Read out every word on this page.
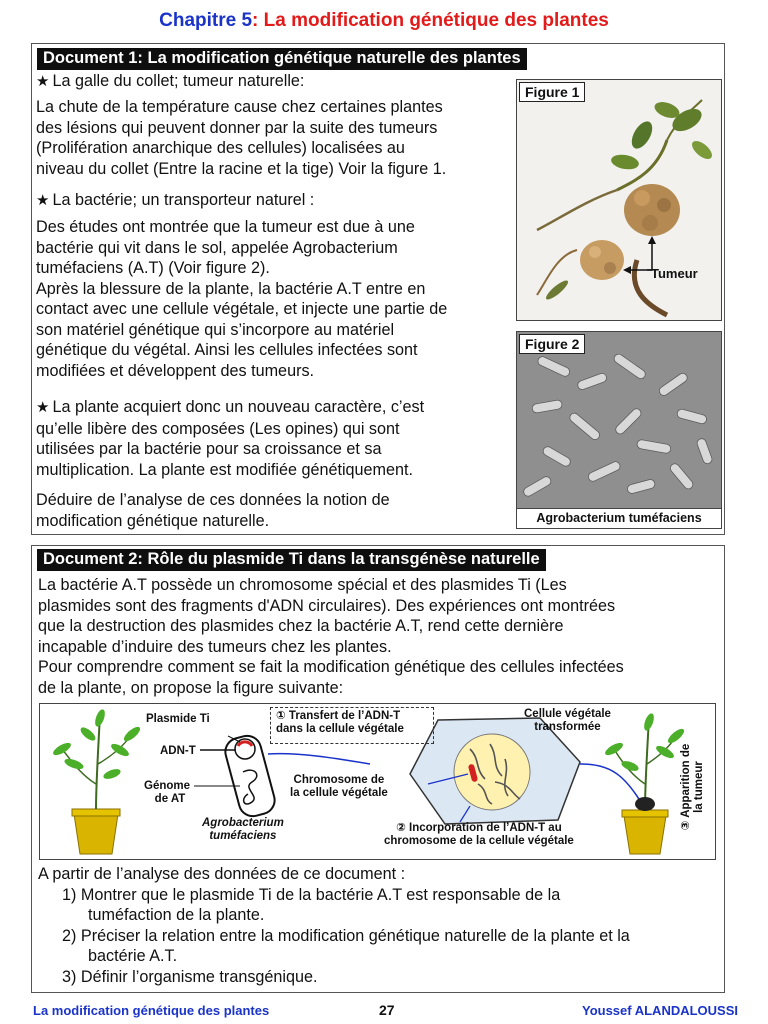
Chapitre 5: La modification génétique des plantes
Document 1: La modification génétique naturelle des plantes
★ La galle du collet; tumeur naturelle:
La chute de la température cause chez certaines plantes
des lésions qui peuvent donner par la suite des tumeurs
(Prolifération anarchique des cellules) localisées au
niveau du collet (Entre la racine et la tige) Voir la figure 1.
★ La bactérie; un transporteur naturel :
Des études ont montrée que la tumeur est due à une
bactérie qui vit dans le sol, appelée Agrobacterium
tuméfaciens (A.T) (Voir figure 2).
Après la blessure de la plante, la bactérie A.T entre en
contact avec une cellule végétale, et injecte une partie de
son matériel génétique qui s’incorpore au matériel
génétique du végétal. Ainsi les cellules infectées sont
modifiées et développent des tumeurs.
★ La plante acquiert donc un nouveau caractère, c’est
qu’elle libère des composées (Les opines) qui sont
utilisées par la bactérie pour sa croissance et sa
multiplication. La plante est modifiée génétiquement.
Déduire de l’analyse de ces données la notion de
modification génétique naturelle.
Figure 1
Tumeur
Figure 2
Agrobacterium tuméfaciens
Document 2: Rôle du plasmide Ti dans la transgénèse naturelle
La bactérie A.T possède un chromosome spécial et des plasmides Ti (Les
plasmides sont des fragments d'ADN circulaires). Des expériences ont montrées
que la destruction des plasmides chez la bactérie A.T, rend cette dernière
incapable d’induire des tumeurs chez les plantes.
Pour comprendre comment se fait la modification génétique des cellules infectées
de la plante, on propose la figure suivante:
Plasmide Ti
ADN-T
Génome
de AT
Agrobacterium
tuméfaciens
① Transfert de l’ADN-T
dans la cellule végétale
Chromosome de
la cellule végétale
② Incorporation de l’ADN-T au
chromosome de la cellule végétale
Cellule végétale
transformée
③ Apparition de la tumeur
A partir de l’analyse des données de ce document :
1) Montrer que le plasmide Ti de la bactérie A.T est responsable de la
tuméfaction de la plante.
2) Préciser la relation entre la modification génétique naturelle de la plante et la
bactérie A.T.
3) Définir l’organisme transgénique.
La modification génétique des plantes	27	Youssef ALANDALOUSSI
